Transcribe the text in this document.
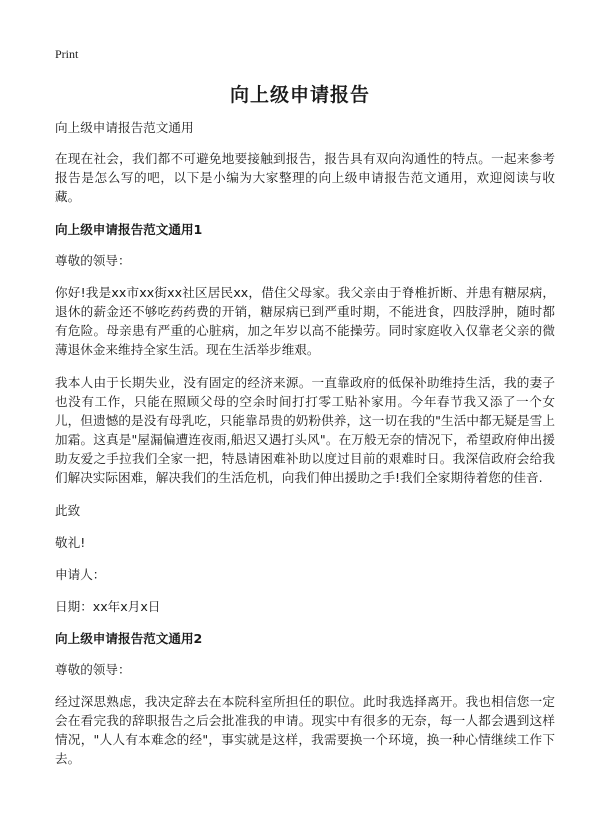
Print
向上级申请报告

向上级申请报告范文通用

在现在社会，我们都不可避免地要接触到报告，报告具有双向沟通性的特点。一起来参考报告是怎么写的吧，以下是小编为大家整理的向上级申请报告范文通用，欢迎阅读与收藏。

向上级申请报告范文通用1

尊敬的领导：

你好!我是xx市xx街xx社区居民xx，借住父母家。我父亲由于脊椎折断、并患有糖尿病，退休的薪金还不够吃药药费的开销，糖尿病已到严重时期，不能进食，四肢浮肿，随时都有危险。母亲患有严重的心脏病，加之年岁以高不能操劳。同时家庭收入仅靠老父亲的微薄退休金来维持全家生活。现在生活举步维艰。

我本人由于长期失业，没有固定的经济来源。一直靠政府的低保补助维持生活，我的妻子也没有工作，只能在照顾父母的空余时间打打零工贴补家用。今年春节我又添了一个女儿，但遗憾的是没有母乳吃，只能靠昂贵的奶粉供养，这一切在我的"生活中都无疑是雪上加霜。这真是"屋漏偏遭连夜雨,船迟又遇打头风"。在万般无奈的情况下，希望政府伸出援助友爱之手拉我们全家一把，特恳请困难补助以度过目前的艰难时日。我深信政府会给我们解决实际困难，解决我们的生活危机，向我们伸出援助之手!我们全家期待着您的佳音.

此致

敬礼!

申请人：

日期：xx年x月x日

向上级申请报告范文通用2

尊敬的领导：

经过深思熟虑，我决定辞去在本院科室所担任的职位。此时我选择离开。我也相信您一定会在看完我的辞职报告之后会批准我的申请。现实中有很多的无奈，每一人都会遇到这样情况，"人人有本难念的经"，事实就是这样，我需要换一个环境，换一种心情继续工作下去。
